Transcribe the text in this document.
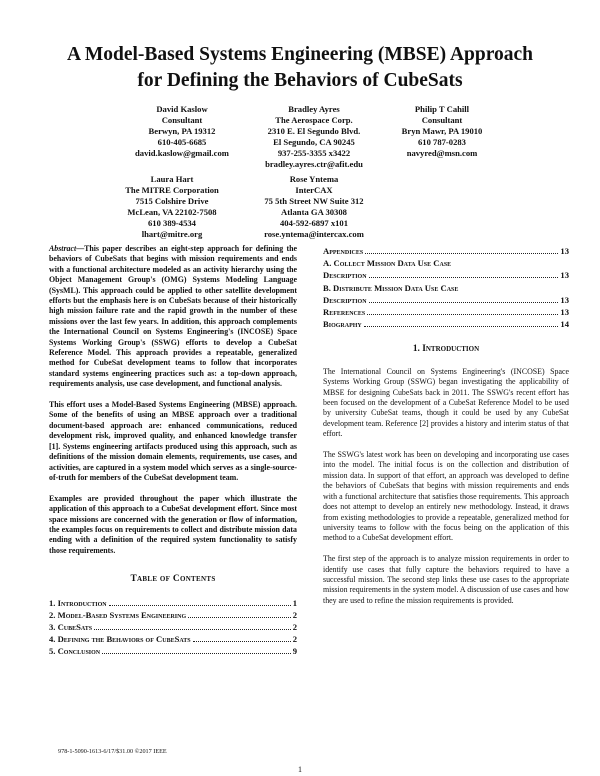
A Model-Based Systems Engineering (MBSE) Approach
for Defining the Behaviors of CubeSats
David Kaslow
Consultant
Berwyn, PA 19312
610-405-6685
david.kaslow@gmail.com
Bradley Ayres
The Aerospace Corp.
2310 E. El Segundo Blvd.
El Segundo, CA 90245
937-255-3355 x3422
bradley.ayres.ctr@afit.edu
Philip T Cahill
Consultant
Bryn Mawr, PA 19010
610 787-0283
navyred@msn.com
Laura Hart
The MITRE Corporation
7515 Colshire Drive
McLean, VA 22102-7508
610 389-4534
lhart@mitre.org
Rose Yntema
InterCAX
75 5th Street NW Suite 312
Atlanta GA 30308
404-592-6897 x101
rose.yntema@intercax.com

Abstract—This paper describes an eight-step approach for defining the behaviors of CubeSats that begins with mission requirements and ends with a functional architecture modeled as an activity hierarchy using the Object Management Group's (OMG) Systems Modeling Language (SysML). This approach could be applied to other satellite development efforts but the emphasis here is on CubeSats because of their historically high mission failure rate and the rapid growth in the number of these missions over the last few years. In addition, this approach complements the International Council on Systems Engineering's (INCOSE) Space Systems Working Group's (SSWG) efforts to develop a CubeSat Reference Model. This approach provides a repeatable, generalized method for CubeSat development teams to follow that incorporates standard systems engineering practices such as: a top-down approach, requirements analysis, use case development, and functional analysis.

This effort uses a Model-Based Systems Engineering (MBSE) approach. Some of the benefits of using an MBSE approach over a traditional document-based approach are: enhanced communications, reduced development risk, improved quality, and enhanced knowledge transfer [1]. Systems engineering artifacts produced using this approach, such as definitions of the mission domain elements, requirements, use cases, and activities, are captured in a system model which serves as a single-source-of-truth for members of the CubeSat development team.

Examples are provided throughout the paper which illustrate the application of this approach to a CubeSat development effort. Since most space missions are concerned with the generation or flow of information, the examples focus on requirements to collect and distribute mission data ending with a definition of the required system functionality to satisfy those requirements.

Table of Contents
1. Introduction	1
2. Model-Based Systems Engineering	2
3. CubeSats	2
4. Defining the Behaviors of CubeSats	2
5. Conclusion	9
Appendices	13
A. Collect Mission Data Use Case
Description	13
B. Distribute Mission Data Use Case
Description	13
References	13
Biography	14
1. Introduction

The International Council on Systems Engineering's (INCOSE) Space Systems Working Group (SSWG) began investigating the applicability of MBSE for designing CubeSats back in 2011. The SSWG's recent effort has been focused on the development of a CubeSat Reference Model to be used by university CubeSat teams, though it could be used by any CubeSat development team. Reference [2] provides a history and interim status of that effort.

The SSWG's latest work has been on developing and incorporating use cases into the model. The initial focus is on the collection and distribution of mission data. In support of that effort, an approach was developed to define the behaviors of CubeSats that begins with mission requirements and ends with a functional architecture that satisfies those requirements. This approach does not attempt to develop an entirely new methodology. Instead, it draws from existing methodologies to provide a repeatable, generalized method for university teams to follow with the focus being on the application of this method to a CubeSat development effort.

The first step of the approach is to analyze mission requirements in order to identify use cases that fully capture the behaviors required to have a successful mission. The second step links these use cases to the appropriate mission requirements in the system model. A discussion of use cases and how they are used to refine the mission requirements is provided.

978-1-5090-1613-6/17/$31.00 ©2017 IEEE
1
